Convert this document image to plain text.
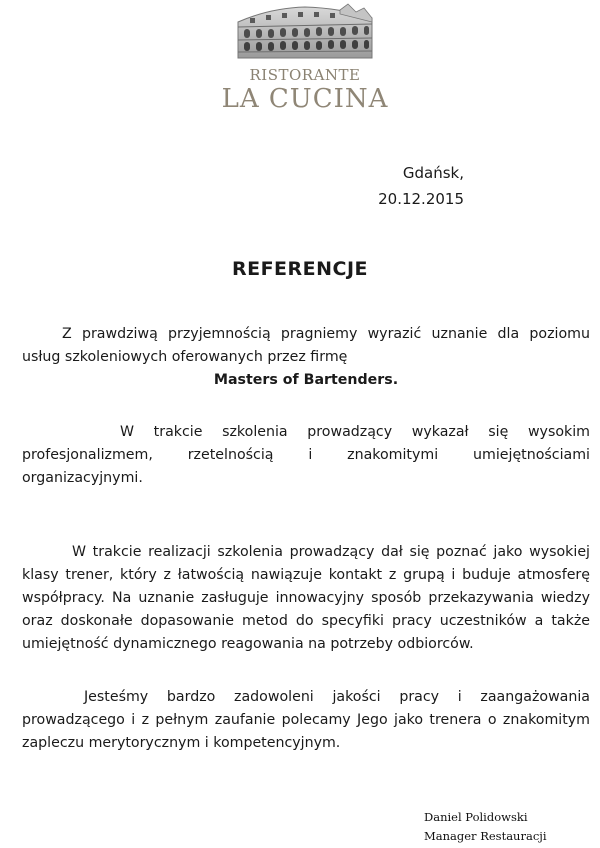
RISTORANTE
LA CUCINA
Gdańsk,
20.12.2015
REFERENCJE

Z prawdziwą przyjemnością pragniemy wyrazić uznanie dla poziomu usług szkoleniowych oferowanych przez firmę
Masters of Bartenders.

W trakcie szkolenia prowadzący wykazał się wysokim profesjonalizmem, rzetelnością i znakomitymi umiejętnościami organizacyjnymi.

W trakcie realizacji szkolenia prowadzący dał się poznać jako wysokiej klasy trener, który z łatwością nawiązuje kontakt z grupą i buduje atmosferę współpracy. Na uznanie zasługuje innowacyjny sposób przekazywania wiedzy oraz doskonałe dopasowanie metod do specyfiki pracy uczestników a także umiejętność dynamicznego reagowania na potrzeby odbiorców.

Jesteśmy bardzo zadowoleni jakości pracy i zaangażowania prowadzącego i z pełnym zaufanie polecamy Jego jako trenera o znakomitym zapleczu merytorycznym i kompetencyjnym.

Daniel Polidowski
Manager Restauracji
